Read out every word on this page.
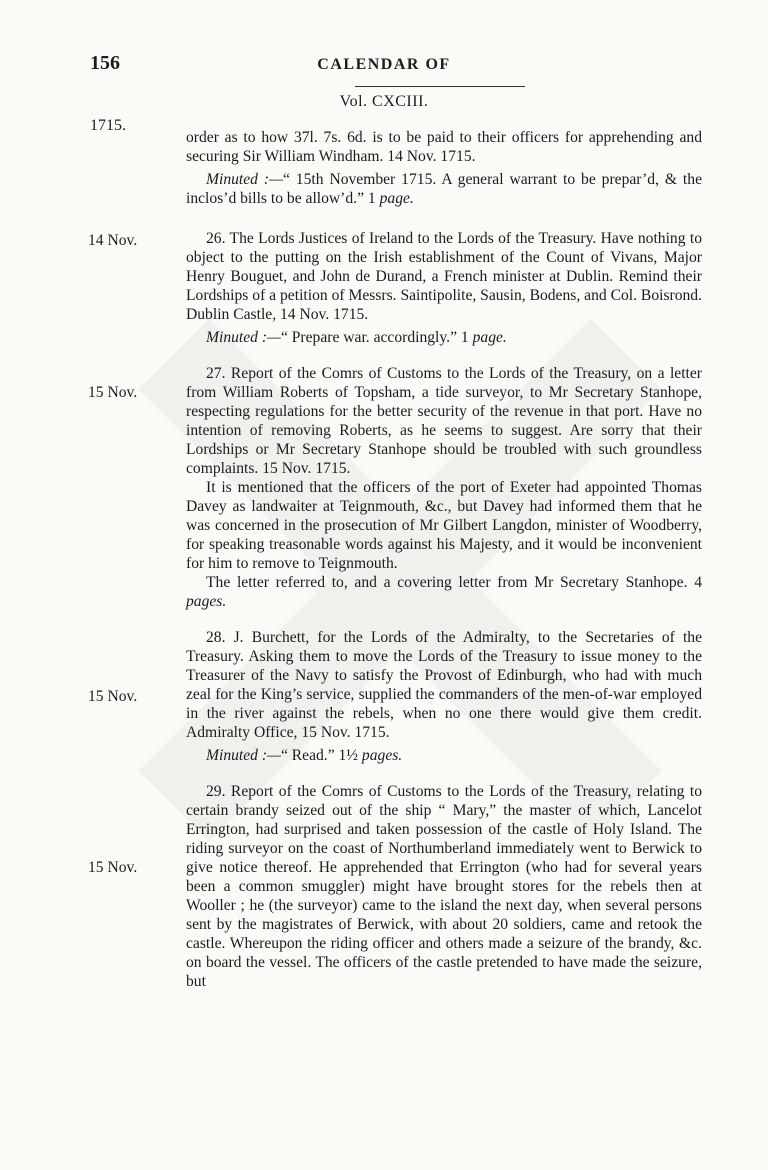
156	CALENDAR OF
Vol. CXCIII.
1715.
14 Nov.
15 Nov.
15 Nov.
15 Nov.

order as to how 37l. 7s. 6d. is to be paid to their officers for apprehending and securing Sir William Windham. 14 Nov. 1715.

Minuted :—“ 15th November 1715. A general warrant to be prepar’d, & the inclos’d bills to be allow’d.” 1 page.

26. The Lords Justices of Ireland to the Lords of the Treasury. Have nothing to object to the putting on the Irish establishment of the Count of Vivans, Major Henry Bouguet, and John de Durand, a French minister at Dublin. Remind their Lordships of a petition of Messrs. Saintipolite, Sausin, Bodens, and Col. Boisrond. Dublin Castle, 14 Nov. 1715.

Minuted :—“ Prepare war. accordingly.” 1 page.

27. Report of the Comrs of Customs to the Lords of the Treasury, on a letter from William Roberts of Topsham, a tide surveyor, to Mr Secretary Stanhope, respecting regulations for the better security of the revenue in that port. Have no intention of removing Roberts, as he seems to suggest. Are sorry that their Lordships or Mr Secretary Stanhope should be troubled with such groundless complaints. 15 Nov. 1715.

It is mentioned that the officers of the port of Exeter had appointed Thomas Davey as landwaiter at Teignmouth, &c., but Davey had informed them that he was concerned in the prosecution of Mr Gilbert Langdon, minister of Woodberry, for speaking treasonable words against his Majesty, and it would be inconvenient for him to remove to Teignmouth.

The letter referred to, and a covering letter from Mr Secretary Stanhope. 4 pages.

28. J. Burchett, for the Lords of the Admiralty, to the Secretaries of the Treasury. Asking them to move the Lords of the Treasury to issue money to the Treasurer of the Navy to satisfy the Provost of Edinburgh, who had with much zeal for the King’s service, supplied the commanders of the men-of-war employed in the river against the rebels, when no one there would give them credit. Admiralty Office, 15 Nov. 1715.

Minuted :—“ Read.” 1½ pages.

29. Report of the Comrs of Customs to the Lords of the Treasury, relating to certain brandy seized out of the ship “ Mary,” the master of which, Lancelot Errington, had surprised and taken possession of the castle of Holy Island. The riding surveyor on the coast of Northumberland immediately went to Berwick to give notice thereof. He apprehended that Errington (who had for several years been a common smuggler) might have brought stores for the rebels then at Wooller ; he (the surveyor) came to the island the next day, when several persons sent by the magistrates of Berwick, with about 20 soldiers, came and retook the castle. Whereupon the riding officer and others made a seizure of the brandy, &c. on board the vessel. The officers of the castle pretended to have made the seizure, but
